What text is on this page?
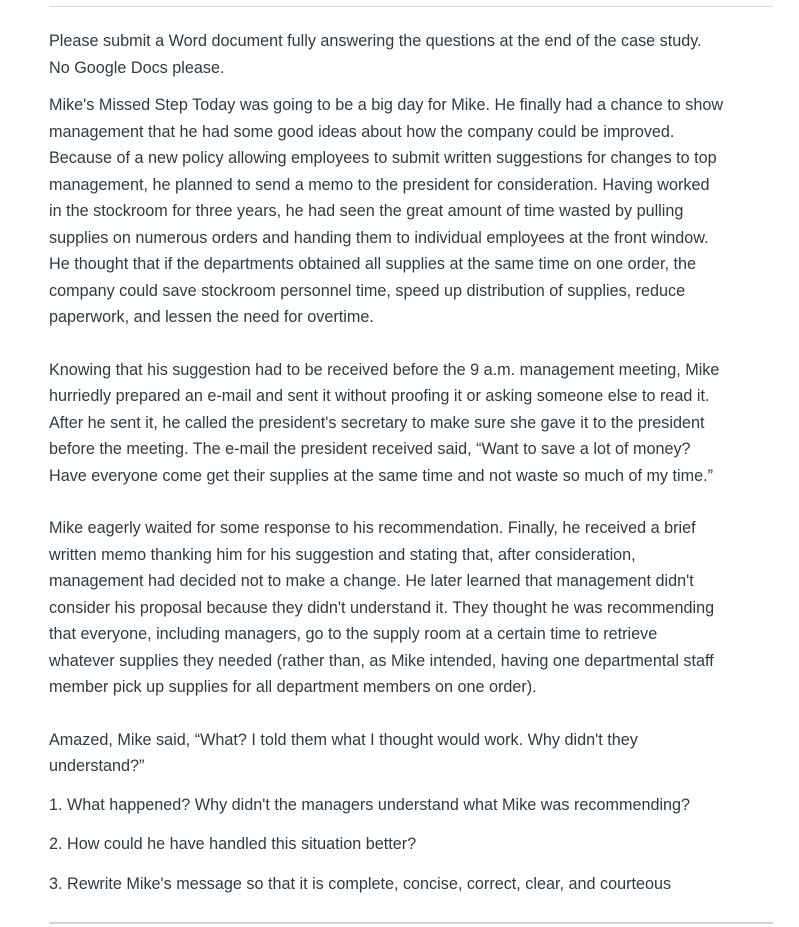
Please submit a Word document fully answering the questions at the end of the case study.
No Google Docs please.

Mike's Missed Step Today was going to be a big day for Mike. He finally had a chance to show
management that he had some good ideas about how the company could be improved.
Because of a new policy allowing employees to submit written suggestions for changes to top
management, he planned to send a memo to the president for consideration. Having worked
in the stockroom for three years, he had seen the great amount of time wasted by pulling
supplies on numerous orders and handing them to individual employees at the front window.
He thought that if the departments obtained all supplies at the same time on one order, the
company could save stockroom personnel time, speed up distribution of supplies, reduce
paperwork, and lessen the need for overtime.

Knowing that his suggestion had to be received before the 9 a.m. management meeting, Mike
hurriedly prepared an e-mail and sent it without proofing it or asking someone else to read it.
After he sent it, he called the president's secretary to make sure she gave it to the president
before the meeting. The e-mail the president received said, “Want to save a lot of money?
Have everyone come get their supplies at the same time and not waste so much of my time.”

Mike eagerly waited for some response to his recommendation. Finally, he received a brief
written memo thanking him for his suggestion and stating that, after consideration,
management had decided not to make a change. He later learned that management didn't
consider his proposal because they didn't understand it. They thought he was recommending
that everyone, including managers, go to the supply room at a certain time to retrieve
whatever supplies they needed (rather than, as Mike intended, having one departmental staff
member pick up supplies for all department members on one order).

Amazed, Mike said, “What? I told them what I thought would work. Why didn't they
understand?”

1. What happened? Why didn't the managers understand what Mike was recommending?

2. How could he have handled this situation better?

3. Rewrite Mike's message so that it is complete, concise, correct, clear, and courteous
